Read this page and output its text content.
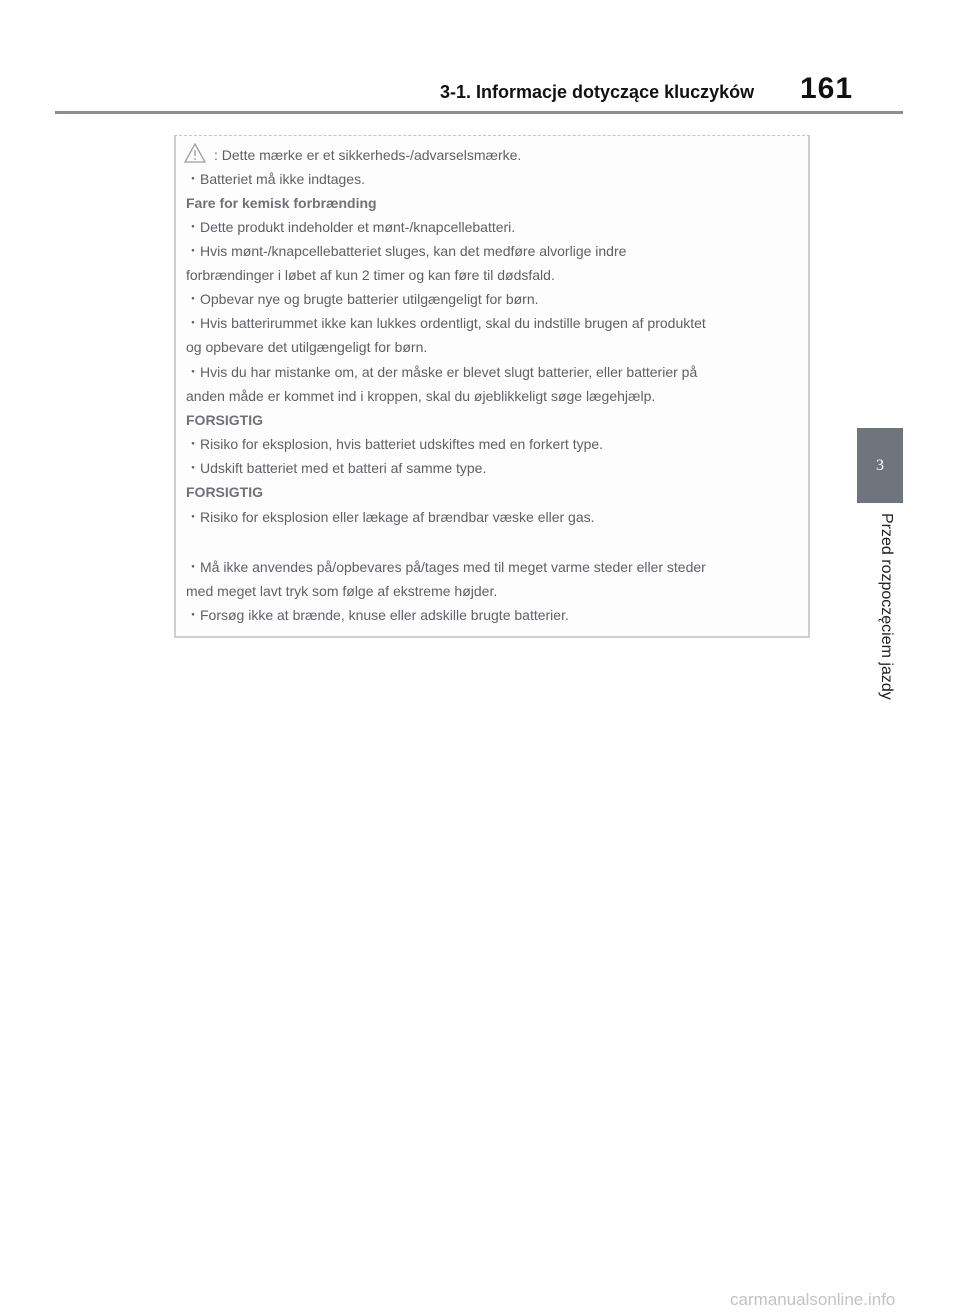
3-1. Informacje dotyczące kluczyków 161
3
Przed rozpoczęciem jazdy
: Dette mærke er et sikkerheds-/advarselsmærke.
・Batteriet må ikke indtages.
Fare for kemisk forbrænding
・Dette produkt indeholder et mønt-/knapcellebatteri.
・Hvis mønt-/knapcellebatteriet sluges, kan det medføre alvorlige indre
forbrændinger i løbet af kun 2 timer og kan føre til dødsfald.
・Opbevar nye og brugte batterier utilgængeligt for børn.
・Hvis batterirummet ikke kan lukkes ordentligt, skal du indstille brugen af produktet
og opbevare det utilgængeligt for børn.
・Hvis du har mistanke om, at der måske er blevet slugt batterier, eller batterier på
anden måde er kommet ind i kroppen, skal du øjeblikkeligt søge lægehjælp.
FORSIGTIG
・Risiko for eksplosion, hvis batteriet udskiftes med en forkert type.
・Udskift batteriet med et batteri af samme type.
FORSIGTIG
・Risiko for eksplosion eller lækage af brændbar væske eller gas.
・Må ikke anvendes på/opbevares på/tages med til meget varme steder eller steder
med meget lavt tryk som følge af ekstreme højder.
・Forsøg ikke at brænde, knuse eller adskille brugte batterier.
carmanualsonline.info
